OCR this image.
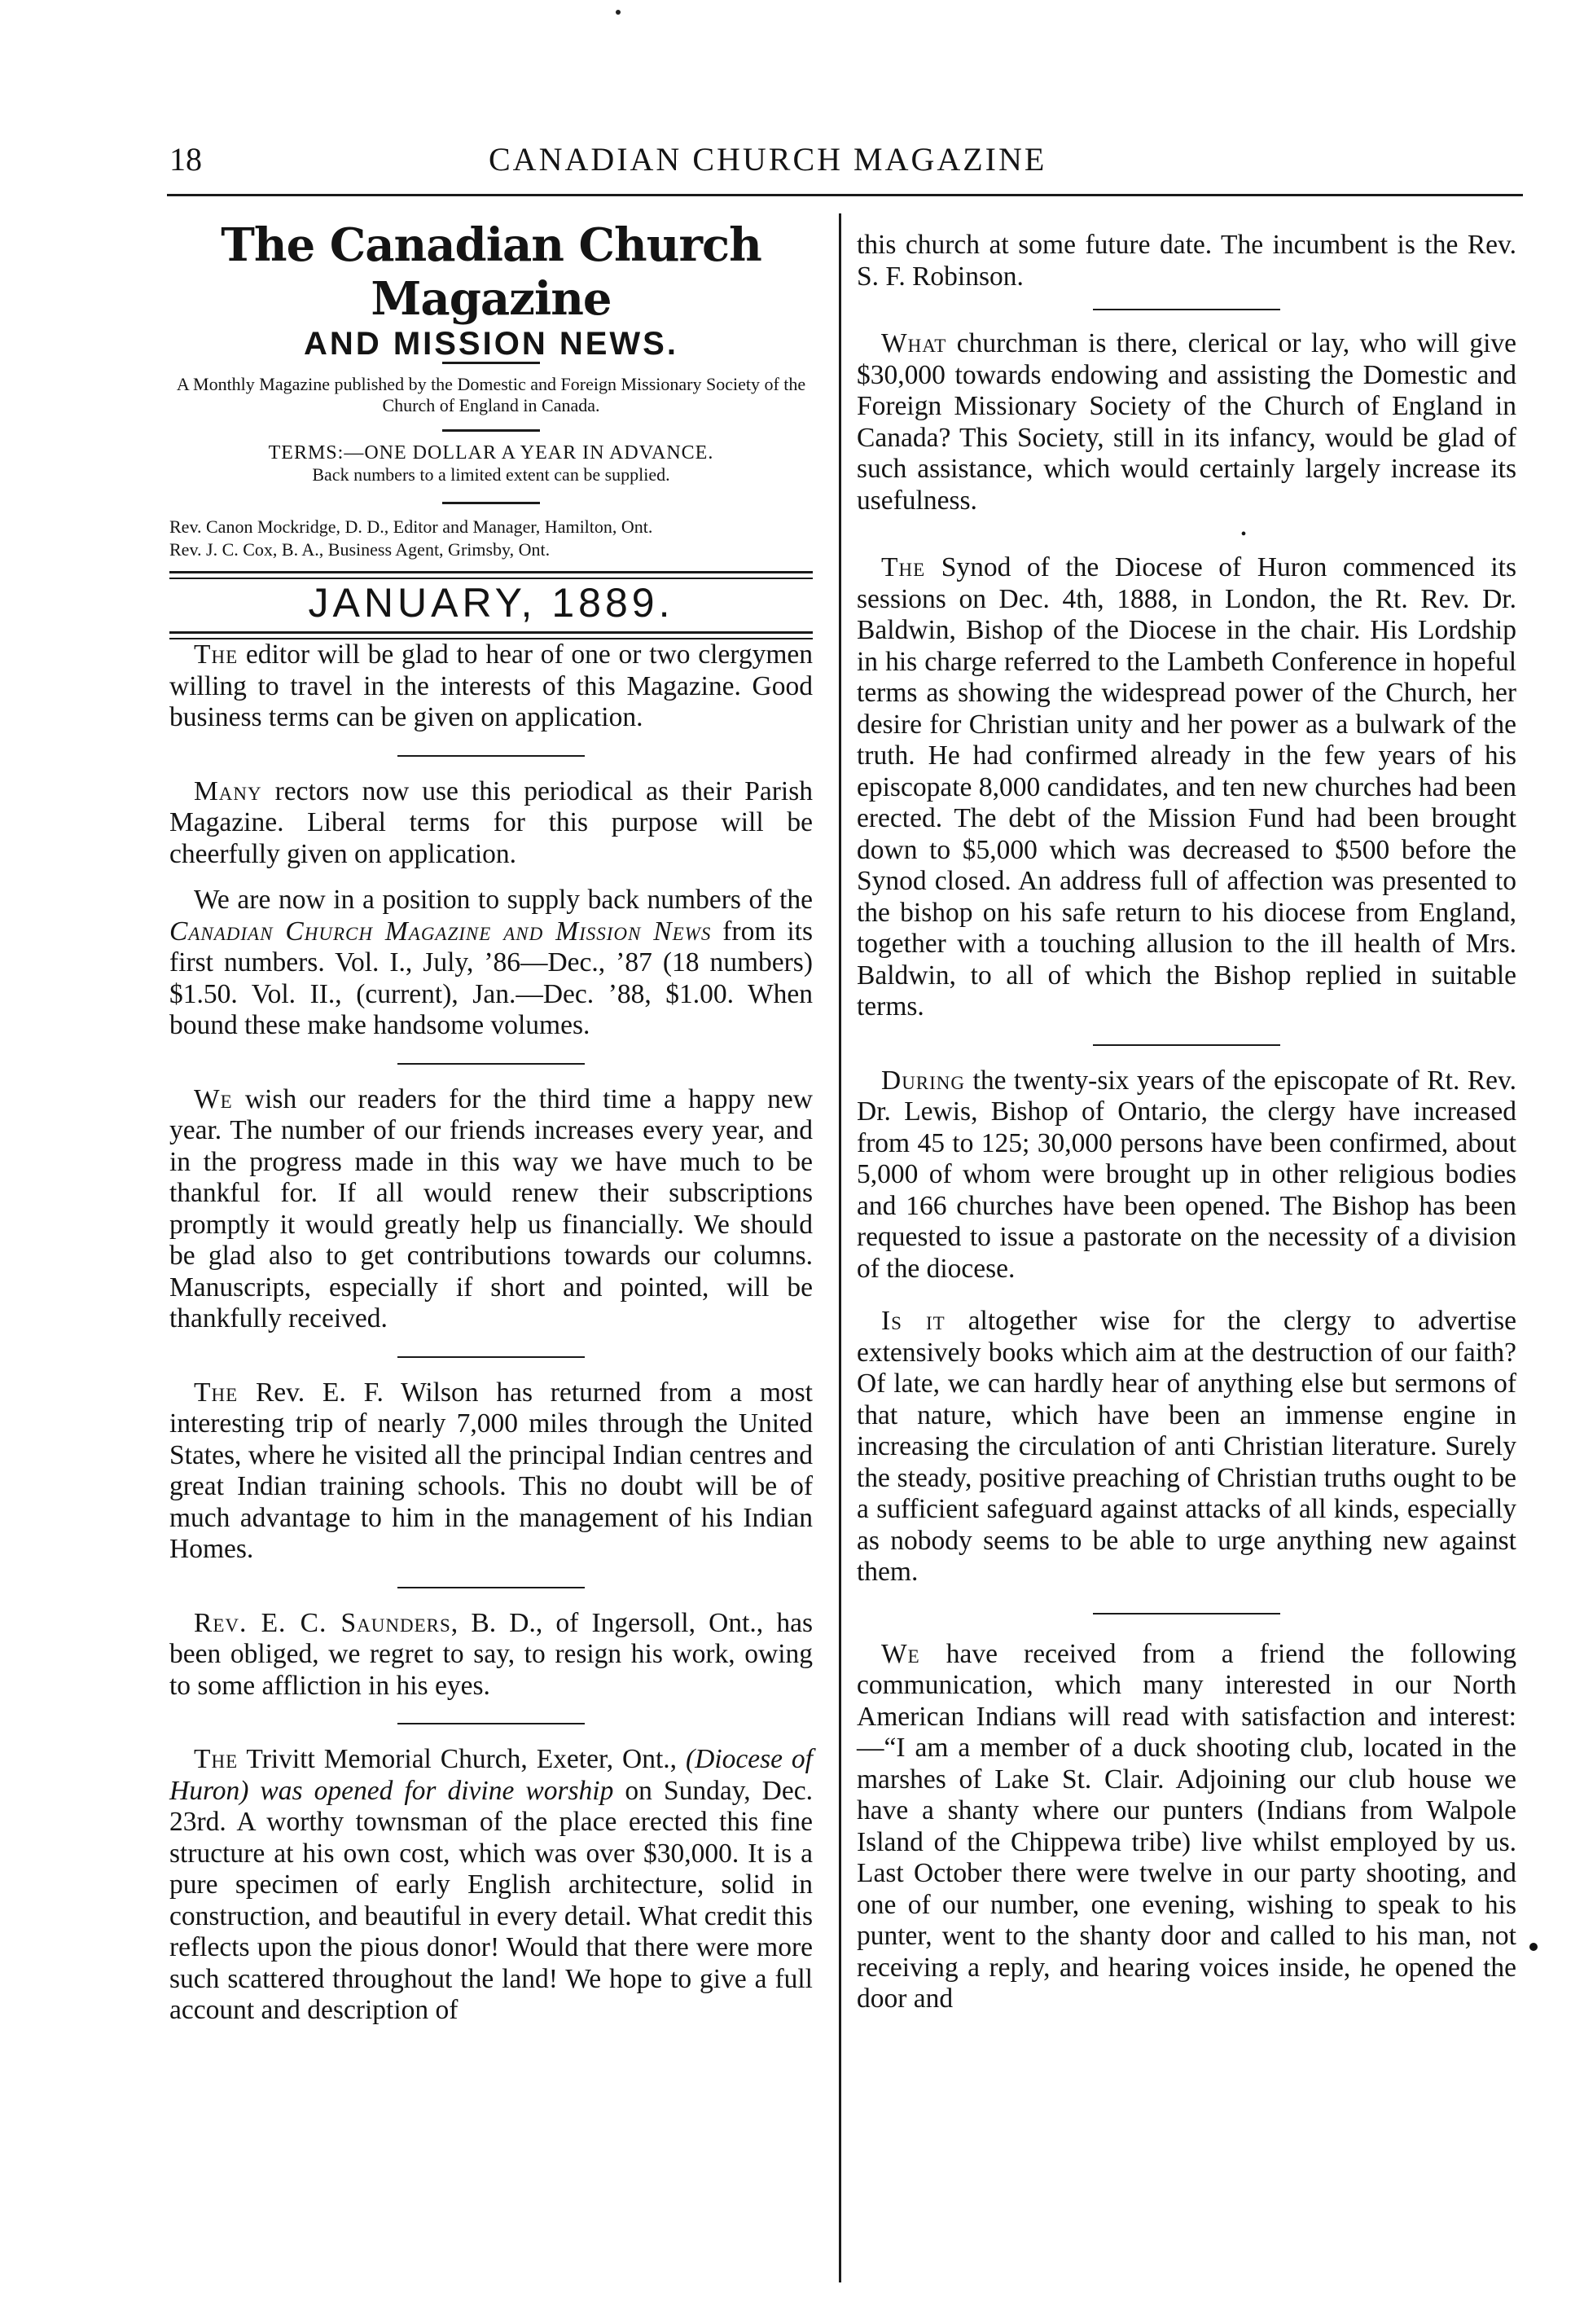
18	CANADIAN CHURCH MAGAZINE

The Canadian Church Magazine

AND MISSION NEWS.

A Monthly Magazine published by the Domestic and Foreign Missionary Society of the Church of England in Canada.

TERMS:—ONE DOLLAR A YEAR IN ADVANCE.

Back numbers to a limited extent can be supplied.

Rev. Canon Mockridge, D. D., Editor and Manager, Hamilton, Ont.

Rev. J. C. Cox, B. A., Business Agent, Grimsby, Ont.

JANUARY, 1889.

The editor will be glad to hear of one or two clergymen willing to travel in the interests of this Magazine. Good business terms can be given on application.

Many rectors now use this periodical as their Parish Magazine. Liberal terms for this purpose will be cheerfully given on application.

We are now in a position to supply back numbers of the Canadian Church Magazine and Mission News from its first numbers. Vol. I., July, ’86—Dec., ’87 (18 numbers) $1.50. Vol. II., (current), Jan.—Dec. ’88, $1.00. When bound these make handsome volumes.

We wish our readers for the third time a happy new year. The number of our friends increases every year, and in the progress made in this way we have much to be thankful for. If all would renew their subscriptions promptly it would greatly help us financially. We should be glad also to get contributions towards our columns. Manuscripts, especially if short and pointed, will be thankfully received.

The Rev. E. F. Wilson has returned from a most interesting trip of nearly 7,000 miles through the United States, where he visited all the principal Indian centres and great Indian training schools. This no doubt will be of much advantage to him in the management of his Indian Homes.

Rev. E. C. Saunders, B. D., of Ingersoll, Ont., has been obliged, we regret to say, to resign his work, owing to some affliction in his eyes.

The Trivitt Memorial Church, Exeter, Ont., (Diocese of Huron) was opened for divine worship on Sunday, Dec. 23rd. A worthy townsman of the place erected this fine structure at his own cost, which was over $30,000. It is a pure specimen of early English architecture, solid in construction, and beautiful in every detail. What credit this reflects upon the pious donor! Would that there were more such scattered throughout the land! We hope to give a full account and description of

this church at some future date. The incumbent is the Rev. S. F. Robinson.

What churchman is there, clerical or lay, who will give $30,000 towards endowing and assisting the Domestic and Foreign Missionary Society of the Church of England in Canada? This Society, still in its infancy, would be glad of such assistance, which would certainly largely increase its usefulness.

•

The Synod of the Diocese of Huron commenced its sessions on Dec. 4th, 1888, in London, the Rt. Rev. Dr. Baldwin, Bishop of the Diocese in the chair. His Lordship in his charge referred to the Lambeth Conference in hopeful terms as showing the widespread power of the Church, her desire for Christian unity and her power as a bulwark of the truth. He had confirmed already in the few years of his episcopate 8,000 candidates, and ten new churches had been erected. The debt of the Mission Fund had been brought down to $5,000 which was decreased to $500 before the Synod closed. An address full of affection was presented to the bishop on his safe return to his diocese from England, together with a touching allusion to the ill health of Mrs. Baldwin, to all of which the Bishop replied in suitable terms.

During the twenty-six years of the episcopate of Rt. Rev. Dr. Lewis, Bishop of Ontario, the clergy have increased from 45 to 125; 30,000 persons have been confirmed, about 5,000 of whom were brought up in other religious bodies and 166 churches have been opened. The Bishop has been requested to issue a pastorate on the necessity of a division of the diocese.

Is it altogether wise for the clergy to advertise extensively books which aim at the destruction of our faith? Of late, we can hardly hear of anything else but sermons of that nature, which have been an immense engine in increasing the circulation of anti Christian literature. Surely the steady, positive preaching of Christian truths ought to be a sufficient safeguard against attacks of all kinds, especially as nobody seems to be able to urge anything new against them.

We have received from a friend the following communication, which many interested in our North American Indians will read with satisfaction and interest:—“I am a member of a duck shooting club, located in the marshes of Lake St. Clair. Adjoining our club house we have a shanty where our punters (Indians from Walpole Island of the Chippewa tribe) live whilst employed by us. Last October there were twelve in our party shooting, and one of our number, one evening, wishing to speak to his punter, went to the shanty door and called to his man, not receiving a reply, and hearing voices inside, he opened the door and
